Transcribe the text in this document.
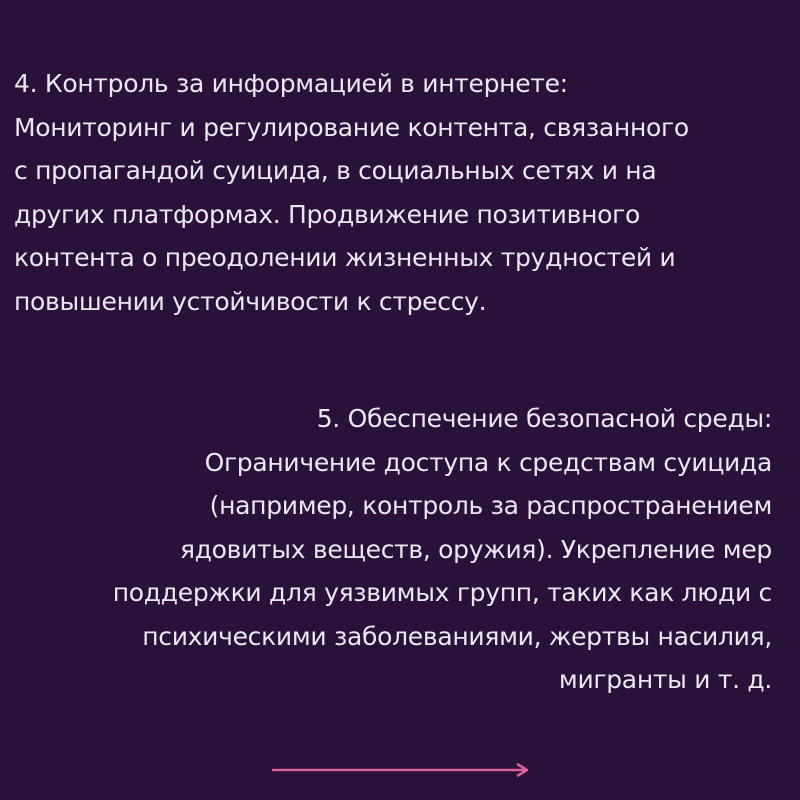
4. Контроль за информацией в интернете:
Мониторинг и регулирование контента, связанного
с пропагандой суицида, в социальных сетях и на
других платформах. Продвижение позитивного
контента о преодолении жизненных трудностей и
повышении устойчивости к стрессу.

5. Обеспечение безопасной среды:
Ограничение доступа к средствам суицида
(например, контроль за распространением
ядовитых веществ, оружия). Укрепление мер
поддержки для уязвимых групп, таких как люди с
психическими заболеваниями, жертвы насилия,
мигранты и т. д.
